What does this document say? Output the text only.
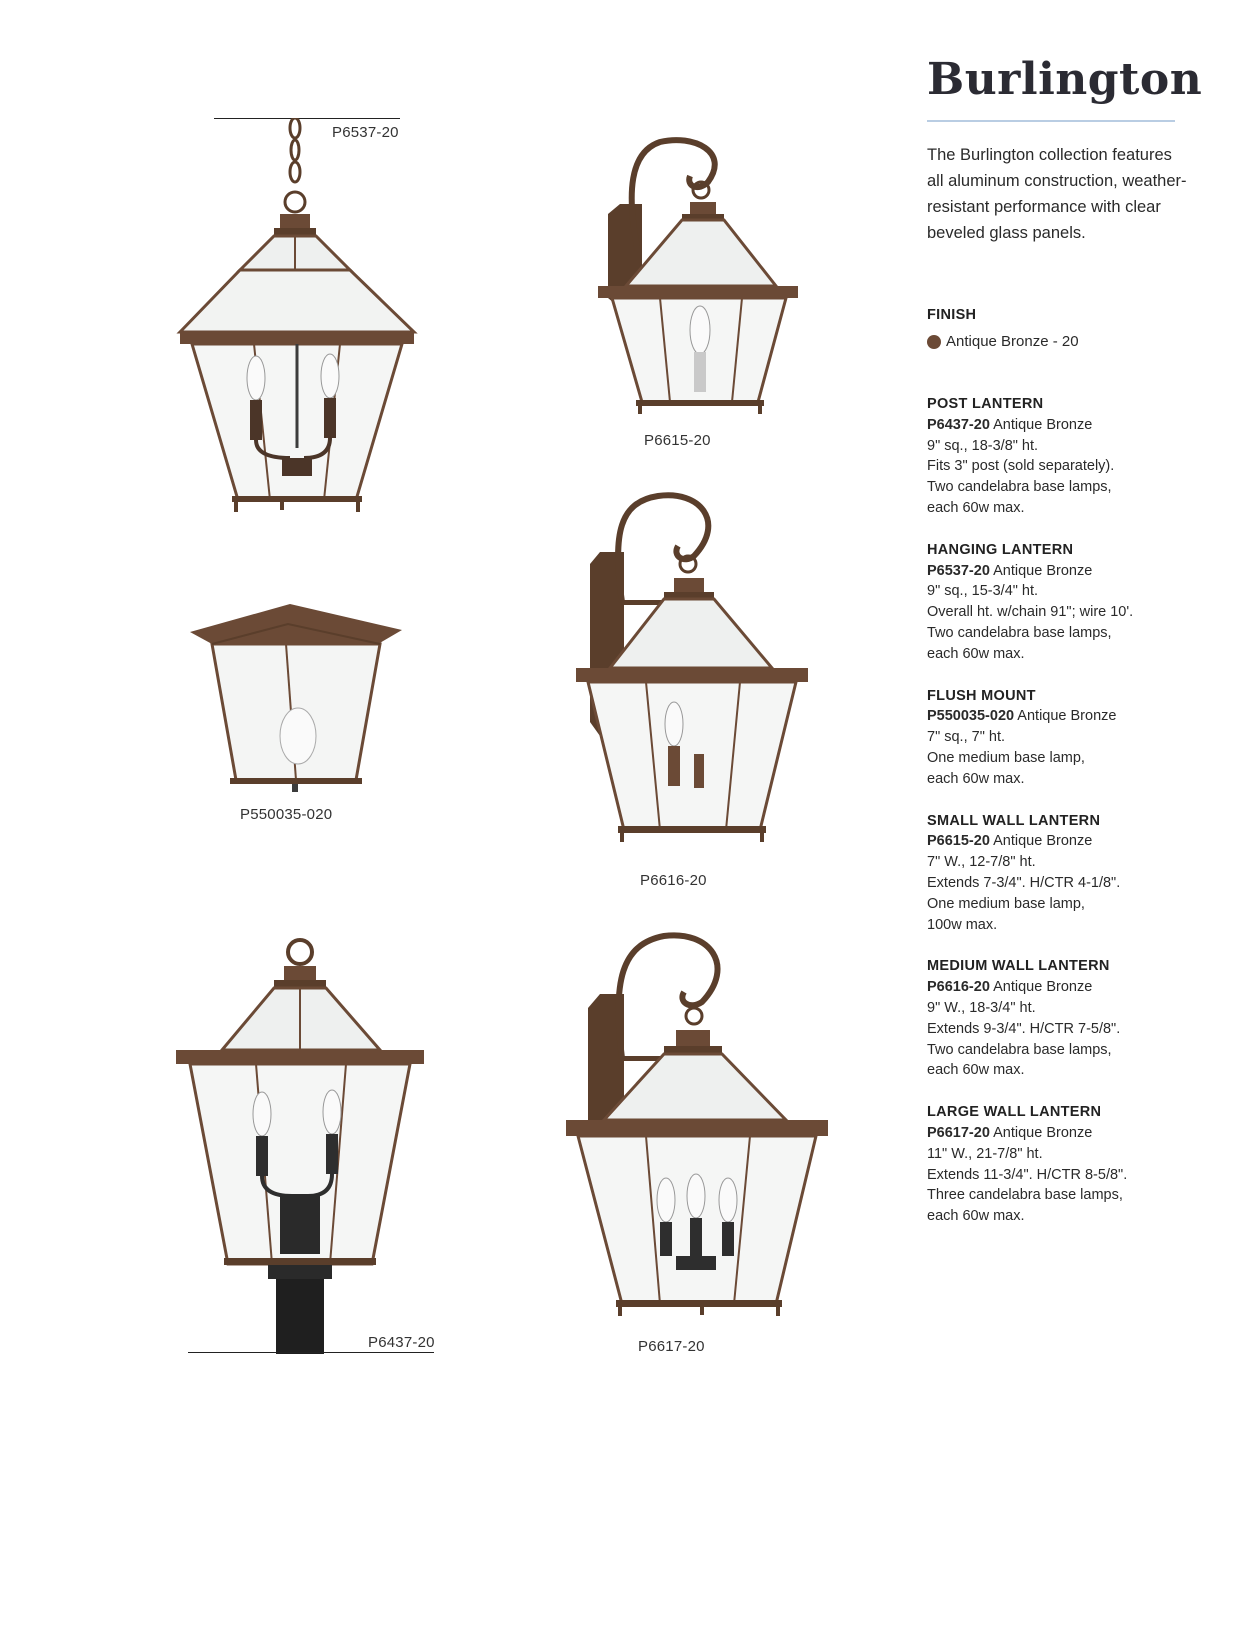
P6537-20
P6615-20
P550035-020
P6616-20
P6437-20	P6617-20
Burlington

The Burlington collection features all aluminum construction, weather-resistant performance with clear beveled glass panels.

FINISH
Antique Bronze - 20
POST LANTERN
P6437-20 Antique Bronze
9" sq., 18-3/8" ht.
Fits 3" post (sold separately).
Two candelabra base lamps,
each 60w max.
HANGING LANTERN
P6537-20 Antique Bronze
9" sq., 15-3/4" ht.
Overall ht. w/chain 91"; wire 10'.
Two candelabra base lamps,
each 60w max.
FLUSH MOUNT
P550035-020 Antique Bronze
7" sq., 7" ht.
One medium base lamp,
each 60w max.
SMALL WALL LANTERN
P6615-20 Antique Bronze
7" W., 12-7/8" ht.
Extends 7-3/4". H/CTR 4-1/8".
One medium base lamp,
100w max.
MEDIUM WALL LANTERN
P6616-20 Antique Bronze
9" W., 18-3/4" ht.
Extends 9-3/4". H/CTR 7-5/8".
Two candelabra base lamps,
each 60w max.
LARGE WALL LANTERN
P6617-20 Antique Bronze
11" W., 21-7/8" ht.
Extends 11-3/4". H/CTR 8-5/8".
Three candelabra base lamps,
each 60w max.
